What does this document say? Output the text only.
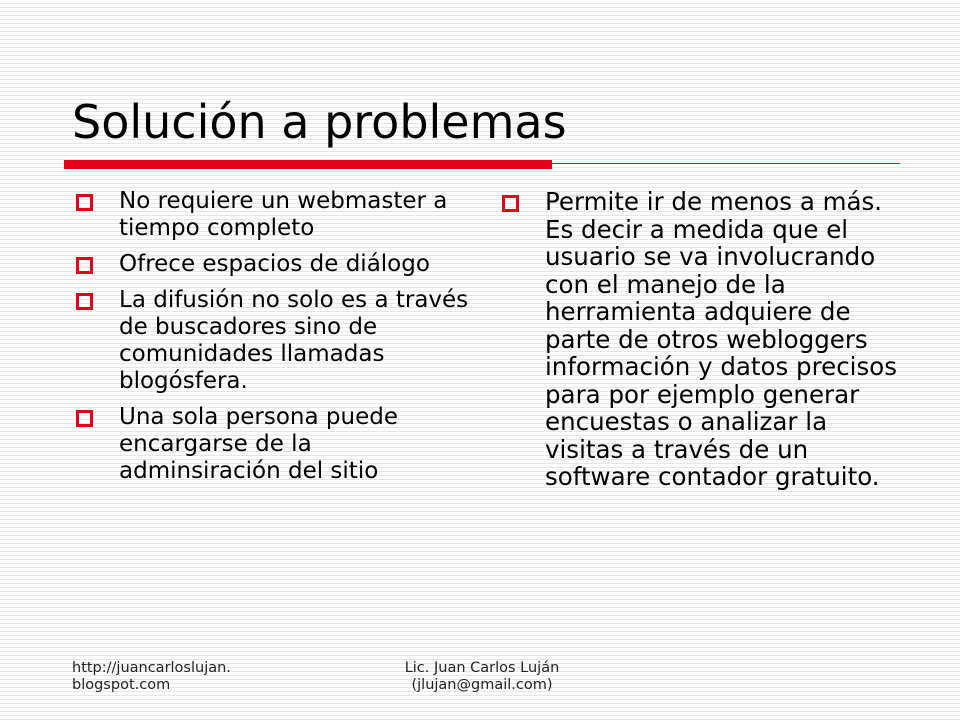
Solución a problemas
No requiere un webmaster a tiempo completo
Ofrece espacios de diálogo
La difusión no solo es a través de buscadores sino de comunidades llamadas blogósfera.
Una sola persona puede encargarse de la adminsiración del sitio
Permite ir de menos a más. Es decir a medida que el usuario se va involucrando con el manejo de la herramienta adquiere de parte de otros webloggers información y datos precisos para por ejemplo generar encuestas o analizar la visitas a través de un software contador gratuito.
http://juancarloslujan.
blogspot.com
Lic. Juan Carlos Luján
(jlujan@gmail.com)
